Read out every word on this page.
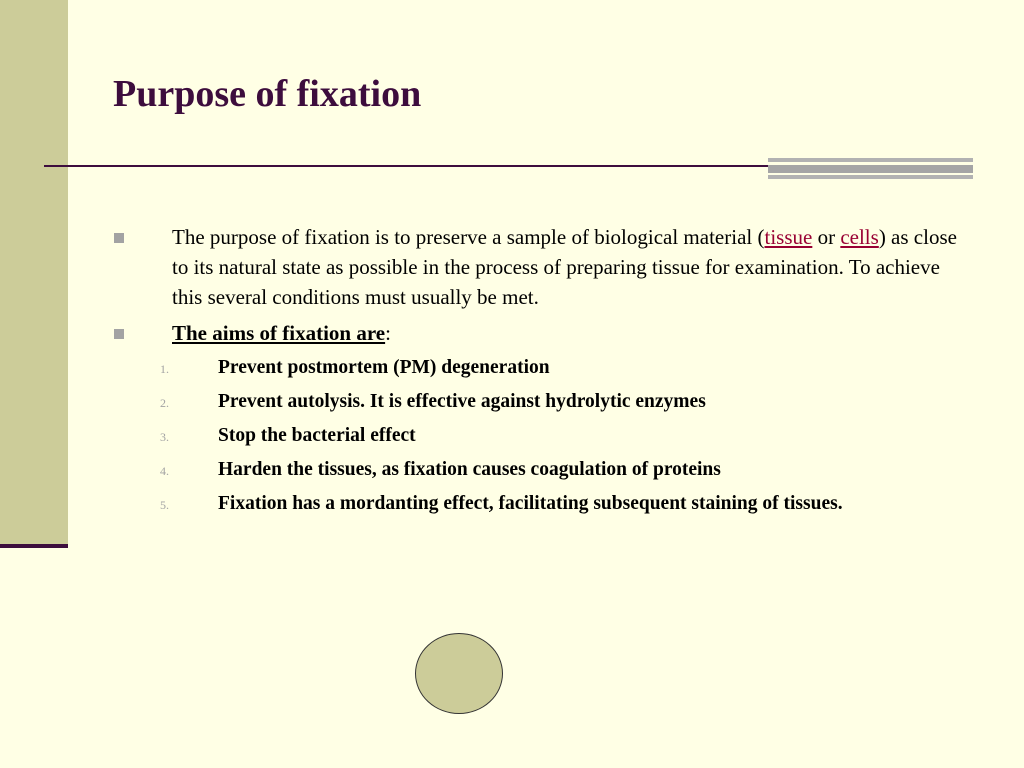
Purpose of fixation
The purpose of fixation is to preserve a sample of biological material (tissue or cells) as close to its natural state as possible in the process of preparing tissue for examination. To achieve this several conditions must usually be met.
The aims of fixation are:
1.	Prevent postmortem (PM) degeneration
2.	Prevent autolysis. It is effective against hydrolytic enzymes
3.	Stop the bacterial effect
4.	Harden the tissues, as fixation causes coagulation of proteins
5.	Fixation has a mordanting effect, facilitating subsequent staining of tissues.
